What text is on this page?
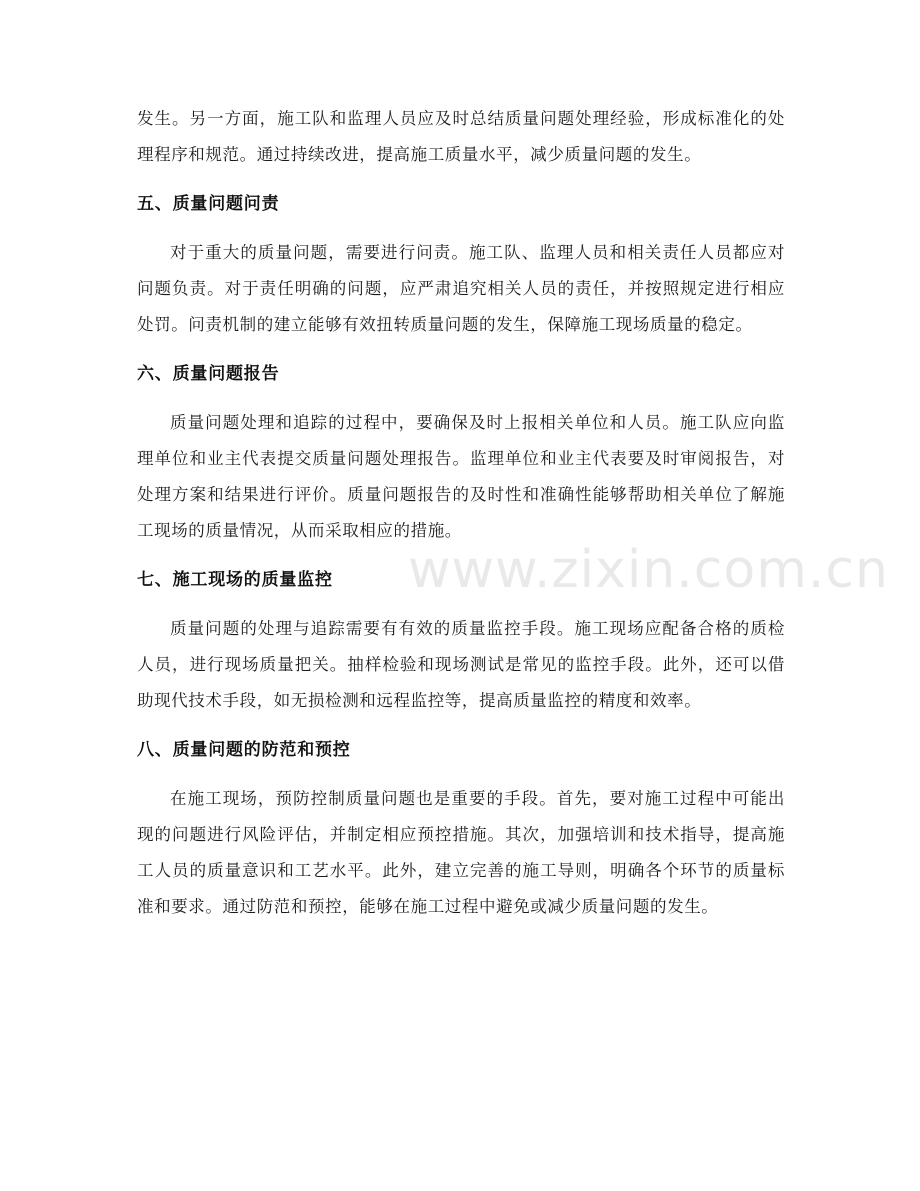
发生。另一方面，施工队和监理人员应及时总结质量问题处理经验，形成标准化的处理程序和规范。通过持续改进，提高施工质量水平，减少质量问题的发生。

五、质量问题问责

对于重大的质量问题，需要进行问责。施工队、监理人员和相关责任人员都应对问题负责。对于责任明确的问题，应严肃追究相关人员的责任，并按照规定进行相应处罚。问责机制的建立能够有效扭转质量问题的发生，保障施工现场质量的稳定。

六、质量问题报告

质量问题处理和追踪的过程中，要确保及时上报相关单位和人员。施工队应向监理单位和业主代表提交质量问题处理报告。监理单位和业主代表要及时审阅报告，对处理方案和结果进行评价。质量问题报告的及时性和准确性能够帮助相关单位了解施工现场的质量情况，从而采取相应的措施。

七、施工现场的质量监控

质量问题的处理与追踪需要有有效的质量监控手段。施工现场应配备合格的质检人员，进行现场质量把关。抽样检验和现场测试是常见的监控手段。此外，还可以借助现代技术手段，如无损检测和远程监控等，提高质量监控的精度和效率。

八、质量问题的防范和预控

在施工现场，预防控制质量问题也是重要的手段。首先，要对施工过程中可能出现的问题进行风险评估，并制定相应预控措施。其次，加强培训和技术指导，提高施工人员的质量意识和工艺水平。此外，建立完善的施工导则，明确各个环节的质量标准和要求。通过防范和预控，能够在施工过程中避免或减少质量问题的发生。

www.zixin.com.cn
